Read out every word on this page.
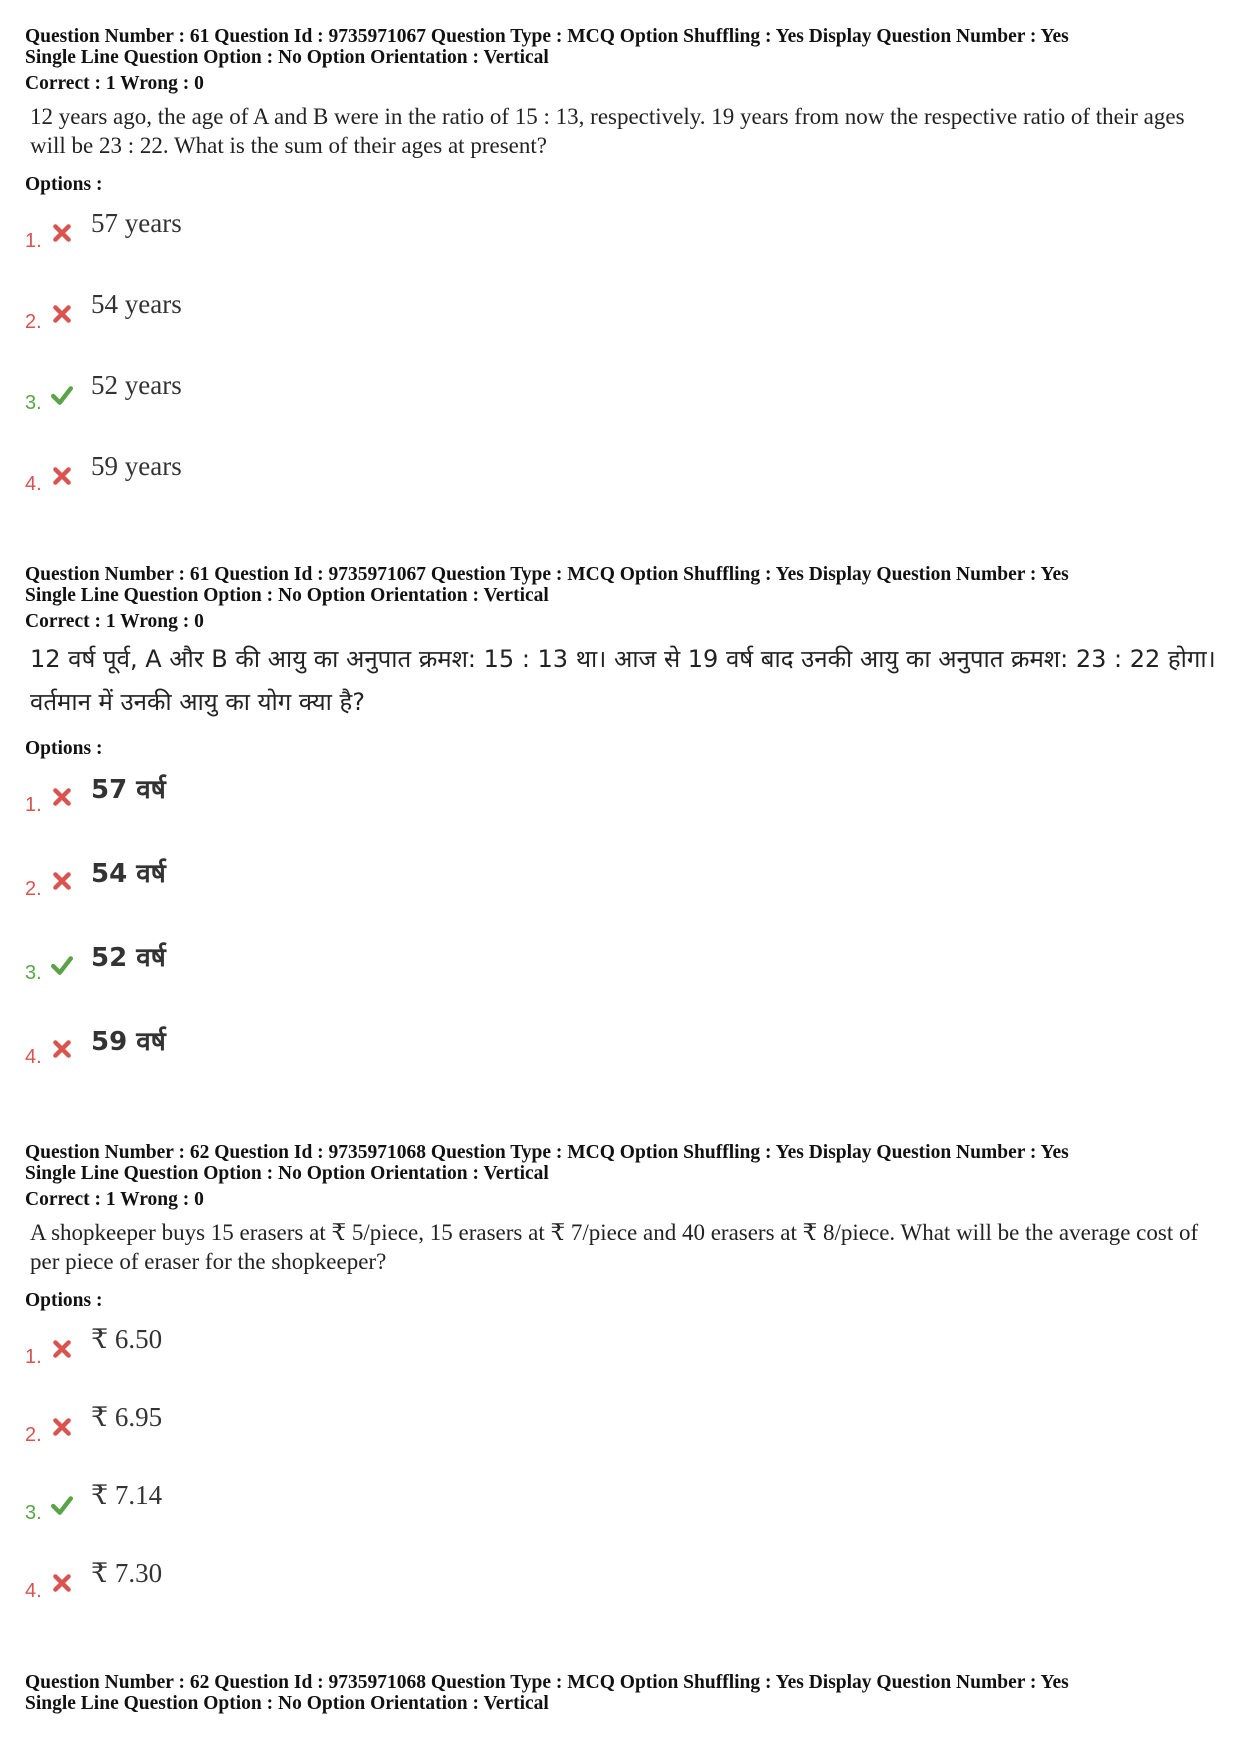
Question Number : 61 Question Id : 9735971067 Question Type : MCQ Option Shuffling : Yes Display Question Number : Yes

Single Line Question Option : No Option Orientation : Vertical

Correct : 1 Wrong : 0
12 years ago, the age of A and B were in the ratio of 15 : 13, respectively. 19 years from now the respective ratio of their ages will be 23 : 22. What is the sum of their ages at present?
Options :
1.
57 years
2.
54 years
3.
52 years
4.
59 years

Question Number : 61 Question Id : 9735971067 Question Type : MCQ Option Shuffling : Yes Display Question Number : Yes

Single Line Question Option : No Option Orientation : Vertical

Correct : 1 Wrong : 0
12 वर्ष पूर्व, A और B की आयु का अनुपात क्रमश: 15 : 13 था। आज से 19 वर्ष बाद उनकी आयु का अनुपात क्रमश: 23 : 22 होगा। वर्तमान में उनकी आयु का योग क्या है?
Options :
1. 57 वर्ष
2. 54 वर्ष
3. 52 वर्ष
4. 59 वर्ष

Question Number : 62 Question Id : 9735971068 Question Type : MCQ Option Shuffling : Yes Display Question Number : Yes

Single Line Question Option : No Option Orientation : Vertical

Correct : 1 Wrong : 0
A shopkeeper buys 15 erasers at ₹ 5/piece, 15 erasers at ₹ 7/piece and 40 erasers at ₹ 8/piece. What will be the average cost of per piece of eraser for the shopkeeper?
Options :
1.
₹ 6.50
2.
₹ 6.95
3.
₹ 7.14
4.
₹ 7.30

Question Number : 62 Question Id : 9735971068 Question Type : MCQ Option Shuffling : Yes Display Question Number : Yes

Single Line Question Option : No Option Orientation : Vertical
